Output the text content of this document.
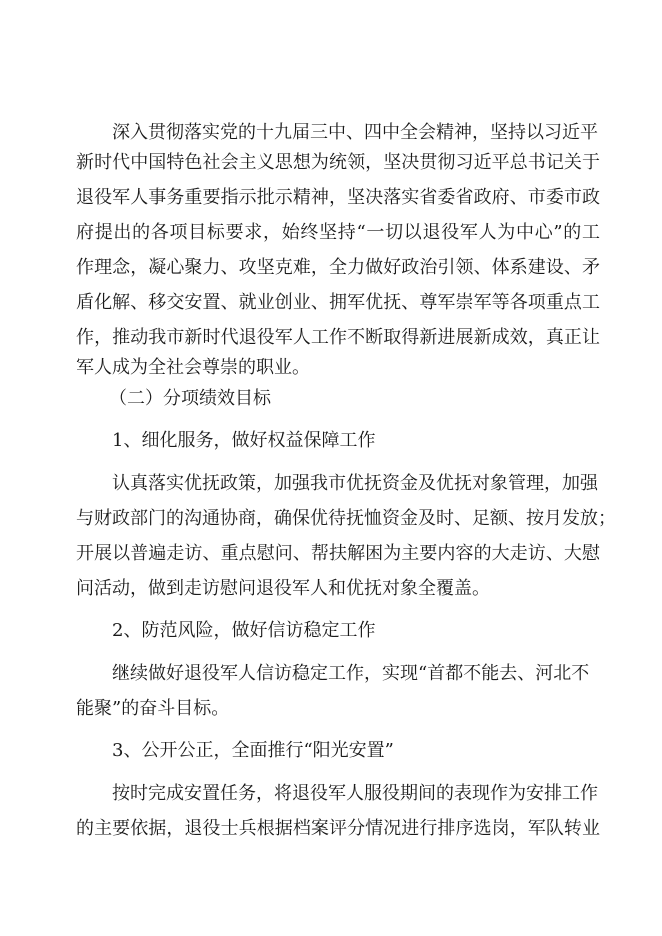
深入贯彻落实党的十九届三中、四中全会精神，坚持以习近平
新时代中国特色社会主义思想为统领，坚决贯彻习近平总书记关于
退役军人事务重要指示批示精神，坚决落实省委省政府、市委市政
府提出的各项目标要求，始终坚持“一切以退役军人为中心”的工
作理念，凝心聚力、攻坚克难，全力做好政治引领、体系建设、矛
盾化解、移交安置、就业创业、拥军优抚、尊军崇军等各项重点工
作，推动我市新时代退役军人工作不断取得新进展新成效，真正让
军人成为全社会尊崇的职业。
（二）分项绩效目标
1、细化服务，做好权益保障工作
认真落实优抚政策，加强我市优抚资金及优抚对象管理，加强
与财政部门的沟通协商，确保优待抚恤资金及时、足额、按月发放；
开展以普遍走访、重点慰问、帮扶解困为主要内容的大走访、大慰
问活动，做到走访慰问退役军人和优抚对象全覆盖。
2、防范风险，做好信访稳定工作
继续做好退役军人信访稳定工作，实现“首都不能去、河北不
能聚”的奋斗目标。
3、公开公正，全面推行“阳光安置”
按时完成安置任务，将退役军人服役期间的表现作为安排工作
的主要依据，退役士兵根据档案评分情况进行排序选岗，军队转业
